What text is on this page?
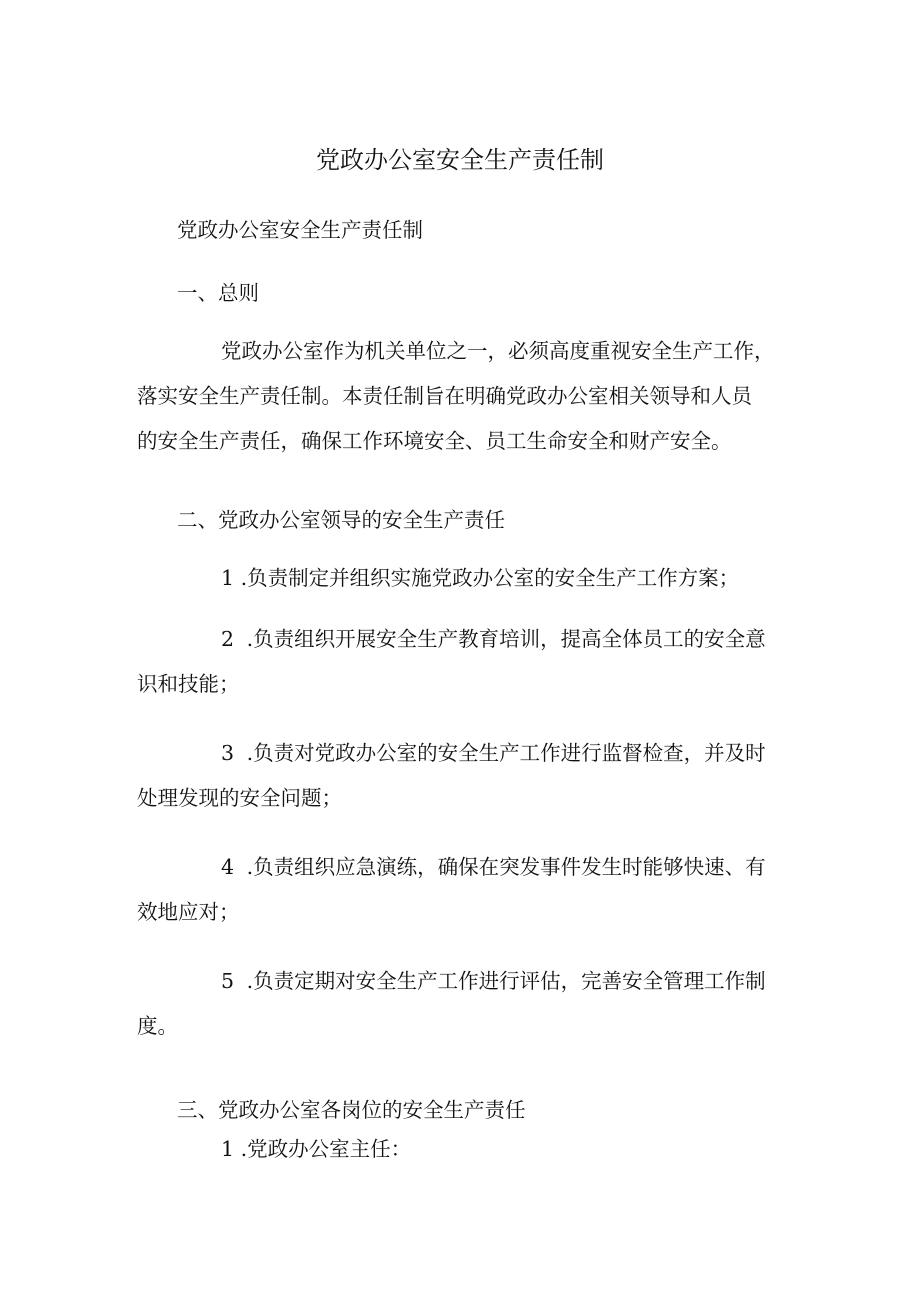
党政办公室安全生产责任制
党政办公室安全生产责任制
一、总则
党政办公室作为机关单位之一，必须高度重视安全生产工作，
落实安全生产责任制。本责任制旨在明确党政办公室相关领导和人员
的安全生产责任，确保工作环境安全、员工生命安全和财产安全。
二、党政办公室领导的安全生产责任
1 .负责制定并组织实施党政办公室的安全生产工作方案；
2 .负责组织开展安全生产教育培训，提高全体员工的安全意
识和技能；
3 .负责对党政办公室的安全生产工作进行监督检查，并及时
处理发现的安全问题；
4 .负责组织应急演练，确保在突发事件发生时能够快速、有
效地应对；
5 .负责定期对安全生产工作进行评估，完善安全管理工作制
度。
三、党政办公室各岗位的安全生产责任
1 .党政办公室主任：
